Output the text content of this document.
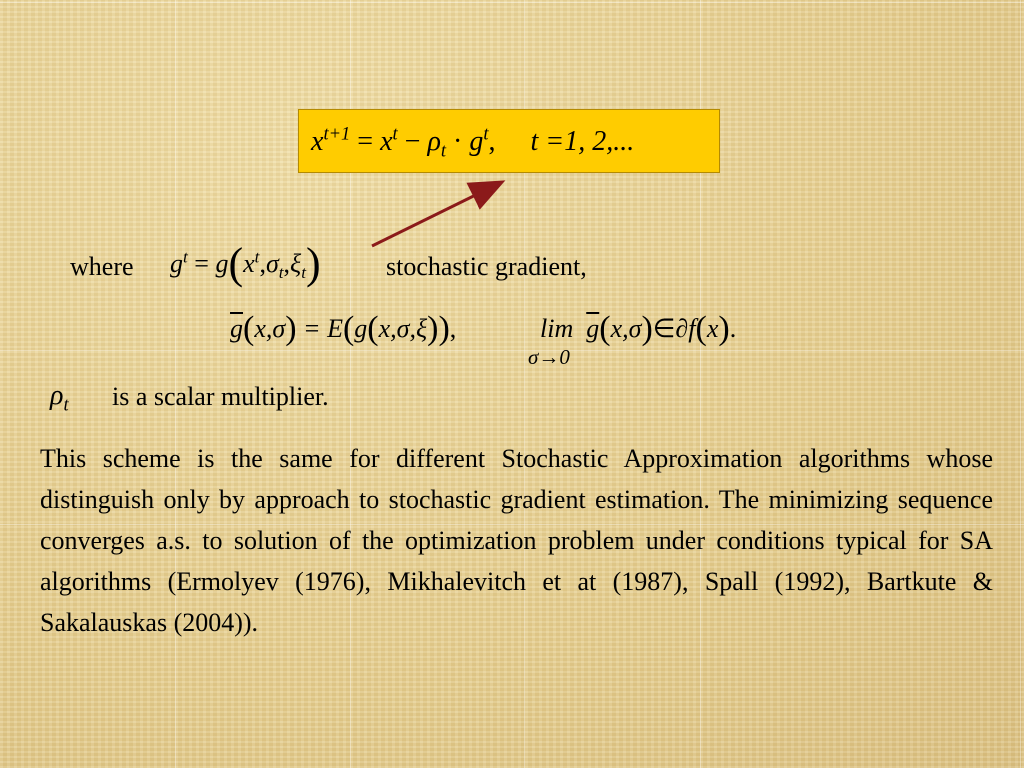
$x^{t+1} = x^t - \rho_t \cdot g^t$, t =1, 2,...
where $g^t = g(x^t,\sigma_t,\xi_t)$	stochastic gradient,
$\overline{g}(x,\sigma) = E(g(x,\sigma,\xi))$,	$\lim \overline{g}(x,\sigma)\in\partial f(x)$.
σ→0
$\rho_t$ is a scalar multiplier.

This scheme is the same for different Stochastic Approximation algorithms whose distinguish only by approach to stochastic gradient estimation. The minimizing sequence converges a.s. to solution of the optimization problem under conditions typical for SA algorithms (Ermolyev (1976), Mikhalevitch et at (1987), Spall (1992), Bartkute & Sakalauskas (2004)).
